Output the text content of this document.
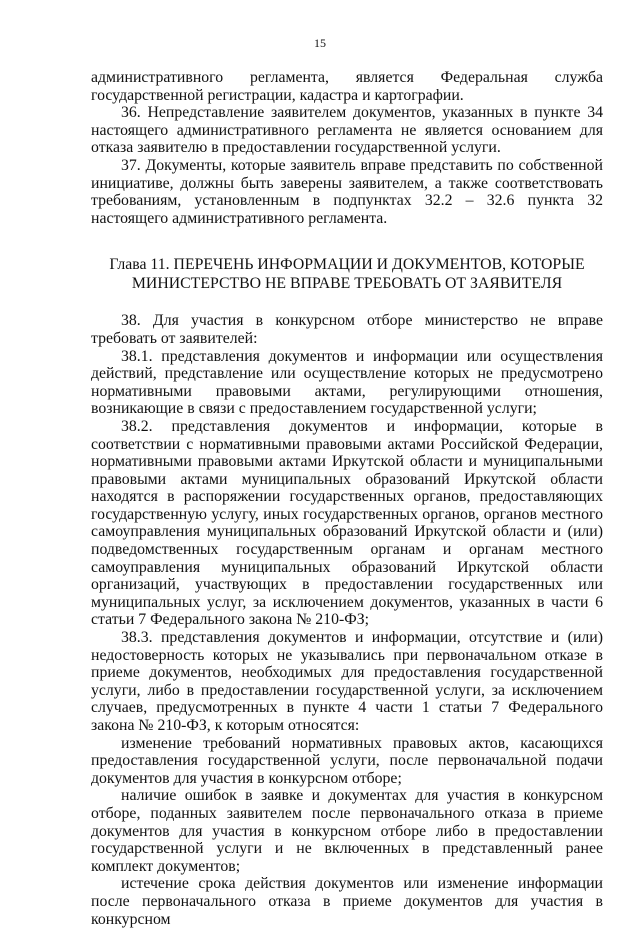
15

административного регламента, является Федеральная служба государственной регистрации, кадастра и картографии.

36. Непредставление заявителем документов, указанных в пункте 34 настоящего административного регламента не является основанием для отказа заявителю в предоставлении государственной услуги.

37. Документы, которые заявитель вправе представить по собственной инициативе, должны быть заверены заявителем, а также соответствовать требованиям, установленным в подпунктах 32.2 – 32.6 пункта 32 настоящего административного регламента.

Глава 11. ПЕРЕЧЕНЬ ИНФОРМАЦИИ И ДОКУМЕНТОВ, КОТОРЫЕ
МИНИСТЕРСТВО НЕ ВПРАВЕ ТРЕБОВАТЬ ОТ ЗАЯВИТЕЛЯ

38. Для участия в конкурсном отборе министерство не вправе требовать от заявителей:

38.1. представления документов и информации или осуществления действий, представление или осуществление которых не предусмотрено нормативными правовыми актами, регулирующими отношения, возникающие в связи с предоставлением государственной услуги;

38.2. представления документов и информации, которые в соответствии с нормативными правовыми актами Российской Федерации, нормативными правовыми актами Иркутской области и муниципальными правовыми актами муниципальных образований Иркутской области находятся в распоряжении государственных органов, предоставляющих государственную услугу, иных государственных органов, органов местного самоуправления муниципальных образований Иркутской области и (или) подведомственных государственным органам и органам местного самоуправления муниципальных образований Иркутской области организаций, участвующих в предоставлении государственных или муниципальных услуг, за исключением документов, указанных в части 6 статьи 7 Федерального закона № 210-ФЗ;

38.3. представления документов и информации, отсутствие и (или) недостоверность которых не указывались при первоначальном отказе в приеме документов, необходимых для предоставления государственной услуги, либо в предоставлении государственной услуги, за исключением случаев, предусмотренных в пункте 4 части 1 статьи 7 Федерального закона № 210-ФЗ, к которым относятся:

изменение требований нормативных правовых актов, касающихся предоставления государственной услуги, после первоначальной подачи документов для участия в конкурсном отборе;

наличие ошибок в заявке и документах для участия в конкурсном отборе, поданных заявителем после первоначального отказа в приеме документов для участия в конкурсном отборе либо в предоставлении государственной услуги и не включенных в представленный ранее комплект документов;

истечение срока действия документов или изменение информации после первоначального отказа в приеме документов для участия в конкурсном
